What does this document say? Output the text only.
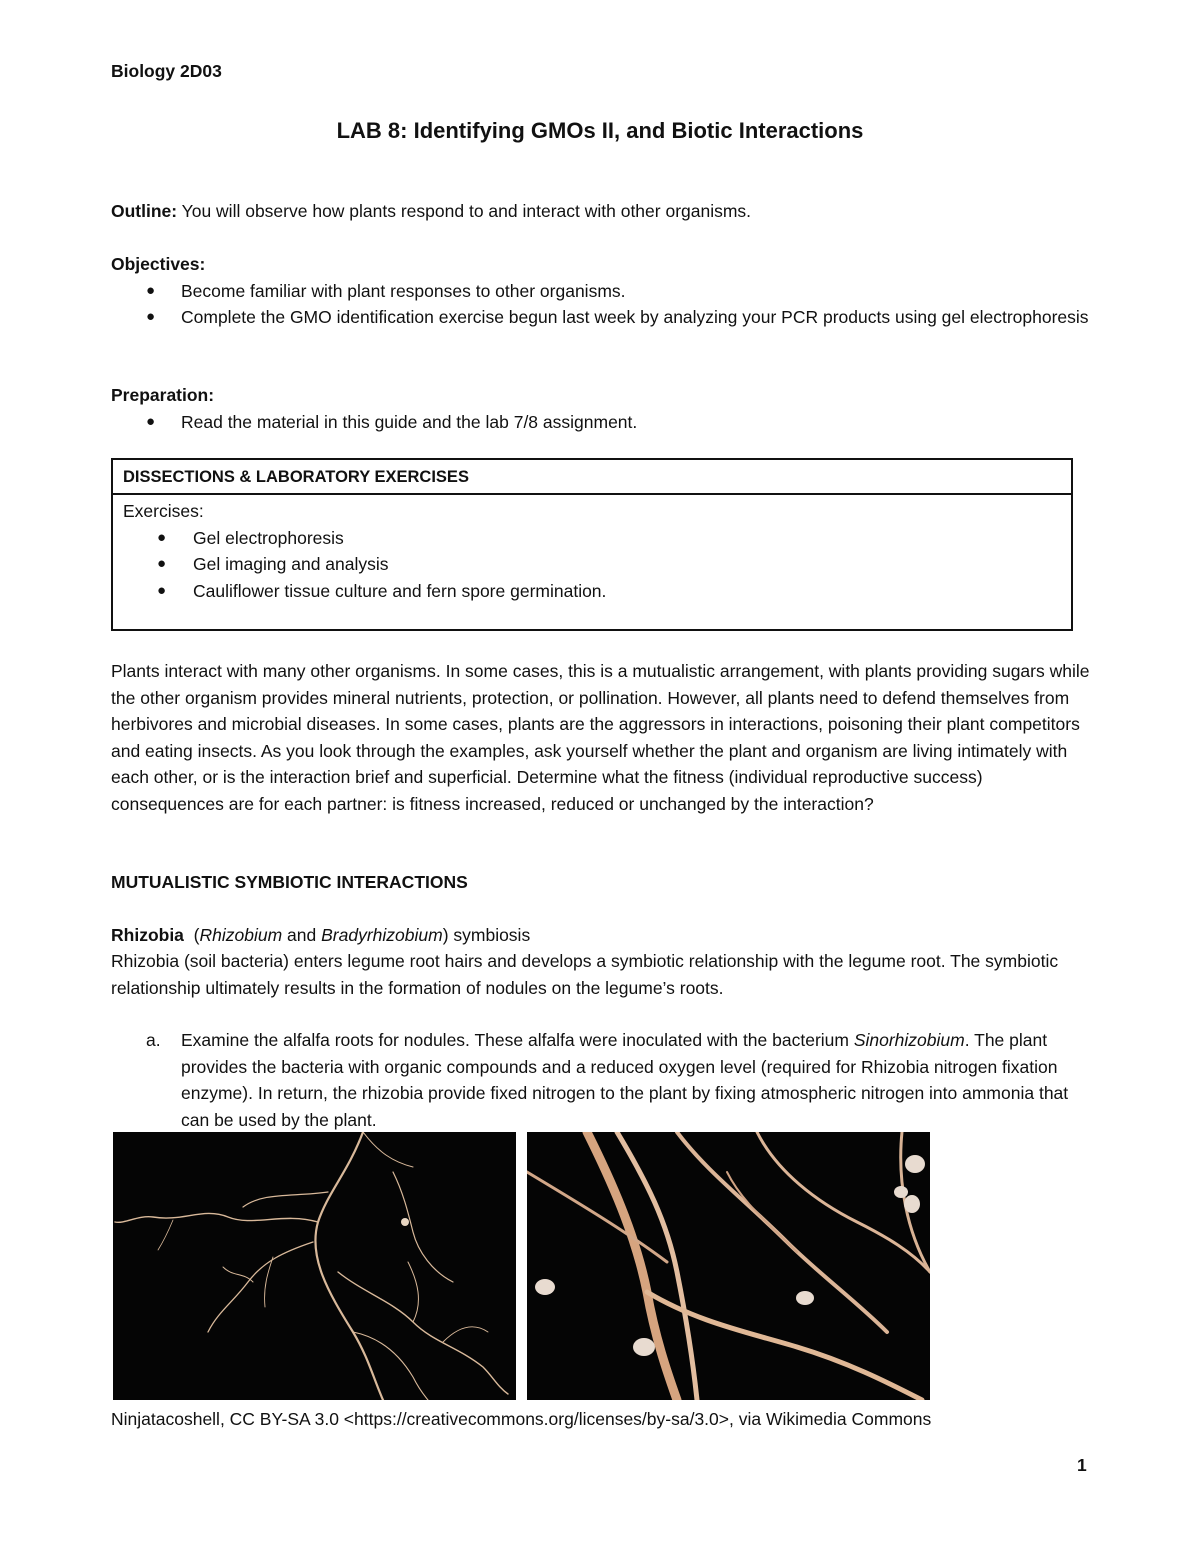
Biology 2D03
LAB 8: Identifying GMOs II, and Biotic Interactions
Outline: You will observe how plants respond to and interact with other organisms.
Objectives:
● Become familiar with plant responses to other organisms.
● Complete the GMO identification exercise begun last week by analyzing your PCR products using gel electrophoresis
Preparation:
● Read the material in this guide and the lab 7/8 assignment.
DISSECTIONS & LABORATORY EXERCISES
Exercises:
● Gel electrophoresis
● Gel imaging and analysis
● Cauliflower tissue culture and fern spore germination.
Plants interact with many other organisms. In some cases, this is a mutualistic arrangement, with plants providing sugars while the other organism provides mineral nutrients, protection, or pollination. However, all plants need to defend themselves from herbivores and microbial diseases. In some cases, plants are the aggressors in interactions, poisoning their plant competitors and eating insects. As you look through the examples, ask yourself whether the plant and organism are living intimately with each other, or is the interaction brief and superficial. Determine what the fitness (individual reproductive success) consequences are for each partner: is fitness increased, reduced or unchanged by the interaction?
MUTUALISTIC SYMBIOTIC INTERACTIONS
Rhizobia  (Rhizobium and Bradyrhizobium) symbiosis
Rhizobia (soil bacteria) enters legume root hairs and develops a symbiotic relationship with the legume root. The symbiotic relationship ultimately results in the formation of nodules on the legume’s roots.
a.	Examine the alfalfa roots for nodules. These alfalfa were inoculated with the bacterium Sinorhizobium. The plant provides the bacteria with organic compounds and a reduced oxygen level (required for Rhizobia nitrogen fixation enzyme). In return, the rhizobia provide fixed nitrogen to the plant by fixing atmospheric nitrogen into ammonia that can be used by the plant.
Ninjatacoshell, CC BY-SA 3.0 <https://creativecommons.org/licenses/by-sa/3.0>, via Wikimedia Commons
1
